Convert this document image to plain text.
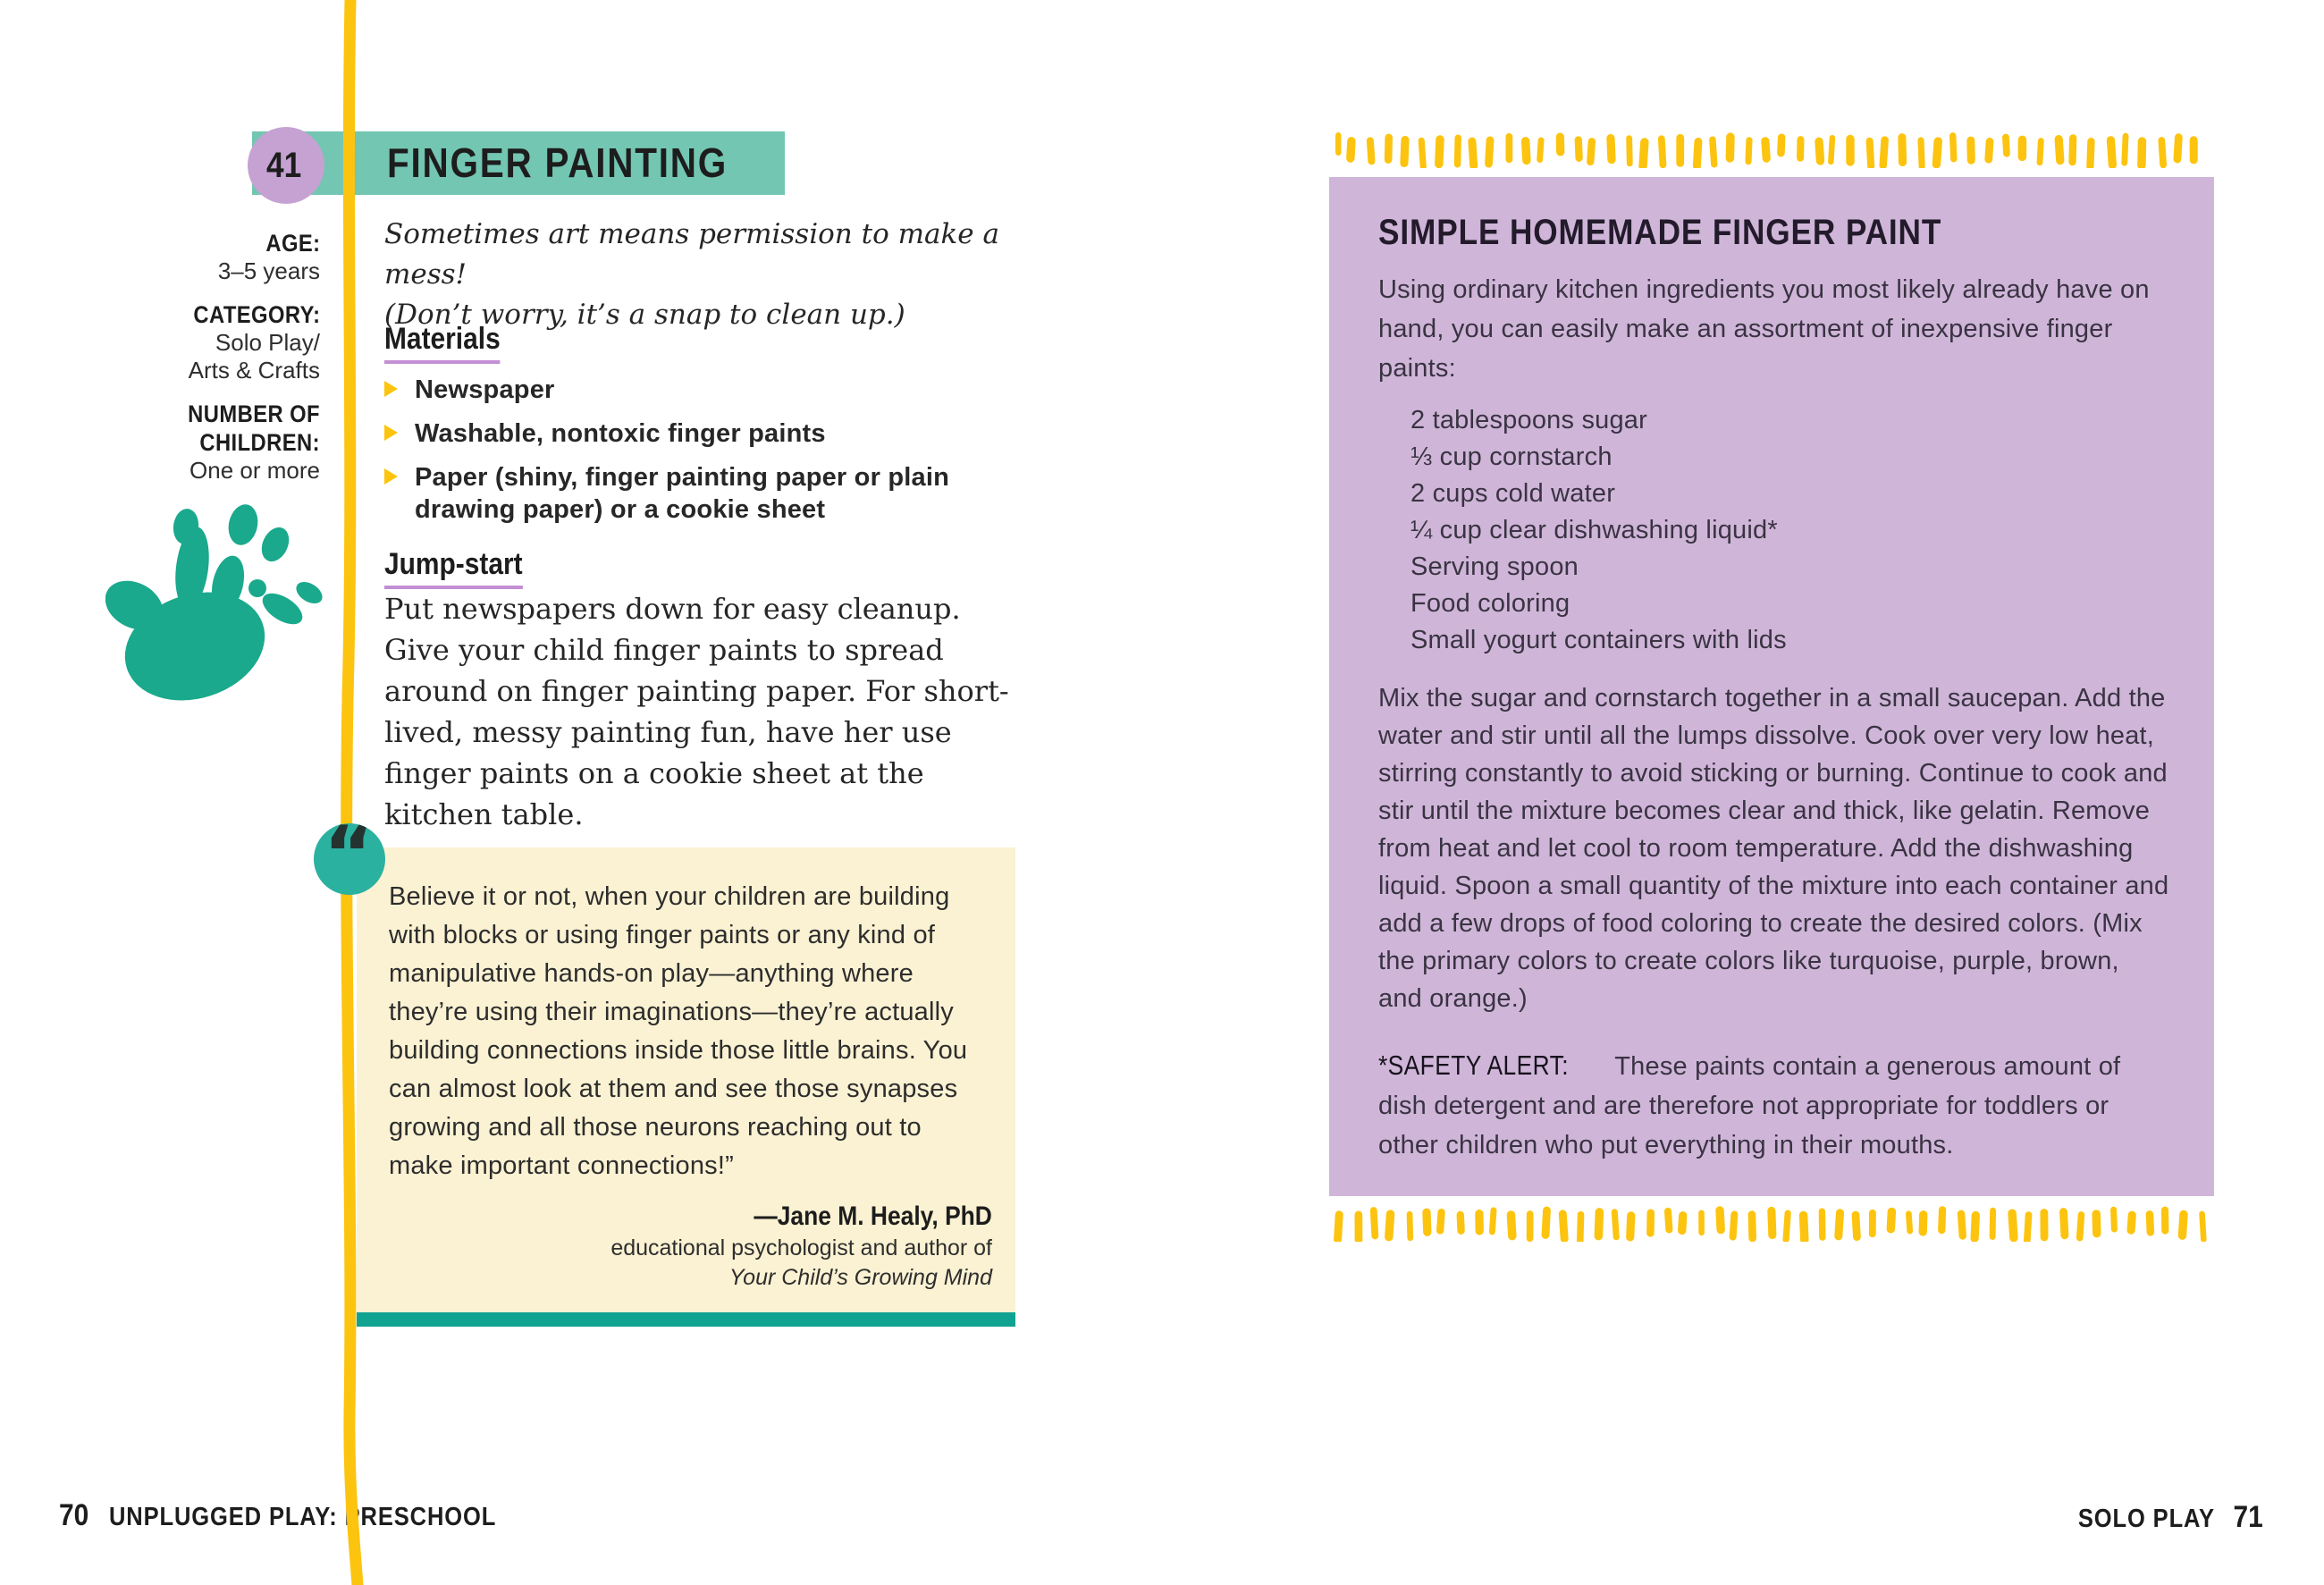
41 FINGER PAINTING
AGE:
3–5 years
CATEGORY:
Solo Play/
Arts & Crafts
NUMBER OF
CHILDREN:
One or more
Sometimes art means permission to make a mess!
(Don’t worry, it’s a snap to clean up.)
Materials
Newspaper
Washable, nontoxic finger paints
Paper (shiny, finger painting paper or plain drawing paper) or a cookie sheet
Jump-start
Put newspapers down for easy cleanup. Give your child finger paints to spread around on finger painting paper. For short-lived, messy painting fun, have her use finger paints on a cookie sheet at the kitchen table.
Believe it or not, when your children are building with blocks or using finger paints or any kind of manipulative hands-on play—anything where they’re using their imaginations—they’re actually building connections inside those little brains. You can almost look at them and see those synapses growing and all those neurons reaching out to make important connections!”
—Jane M. Healy, PhD
educational psychologist and author of
Your Child’s Growing Mind
“
SIMPLE HOMEMADE FINGER PAINT
Using ordinary kitchen ingredients you most likely already have on hand, you can easily make an assortment of inexpensive finger paints:
2 tablespoons sugar
⅓ cup cornstarch
2 cups cold water
¼ cup clear dishwashing liquid*
Serving spoon
Food coloring
Small yogurt containers with lids
Mix the sugar and cornstarch together in a small saucepan. Add the water and stir until all the lumps dissolve. Cook over very low heat, stirring constantly to avoid sticking or burning. Continue to cook and stir until the mixture becomes clear and thick, like gelatin. Remove from heat and let cool to room temperature. Add the dishwashing liquid. Spoon a small quantity of the mixture into each container and add a few drops of food coloring to create the desired colors. (Mix the primary colors to create colors like turquoise, purple, brown, and orange.)
*SAFETY ALERT: These paints contain a generous amount of dish detergent and are therefore not appropriate for toddlers or other children who put everything in their mouths.
70 UNPLUGGED PLAY: PRESCHOOL	SOLO PLAY 71
